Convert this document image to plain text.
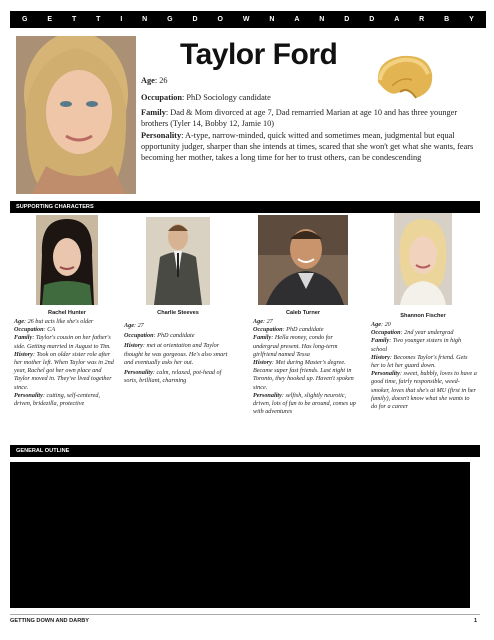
G	E	T	T	I	N	G	D	O	W	N	A	N	D	D	A	R	B	Y
Taylor Ford
Age: 26
Occupation: PhD Sociology candidate
Family: Dad & Mom divorced at age 7, Dad remarried Marian at age 10 and has three younger brothers (Tyler 14, Bobby 12, Jamie 10)
Personality: A-type, narrow-minded, quick witted and sometimes mean, judgmental but equal opportunity judger, sharper than she intends at times, scared that she won't get what she wants, fears becoming her mother, takes a long time for her to trust others, can be condescending
SUPPORTING CHARACTERS
Rachel Hunter

Age: 26 but acts like she's older

Occupation: CA

Family: Taylor's cousin on her father's side. Getting married in August to Tim.

History: Took on older sister role after her mother left. When Taylor was in 2nd year, Rachel got her own place and Taylor moved in. They've lived together since.

Personality: cutting, self-centered, driven, bridezilla, protective

Charlie Steeves

Age: 27

Occupation: PhD candidate

History: met at orientation and Taylor thought he was gorgeous. He's also smart and eventually asks her out.

Personality: calm, relaxed, pot-head of sorts, brilliant, charming

Caleb Turner

Age: 27

Occupation: PhD candidate

Family: Hella money, condo for undergrad present. Has long-term girlfriend named Tessa

History: Met during Master's degree. Became super fast friends. Last night in Toronto, they hooked up. Haven't spoken since.

Personality: selfish, slightly neurotic, driven, lots of fun to be around, comes up with adventures

Shannon Fischer

Age: 20

Occupation: 2nd year undergrad

Family: Two younger sisters in high school

History: Becomes Taylor's friend. Gets her to let her guard down.

Personality: sweet, bubbly, loves to have a good time, fairly responsible, weed-smoker, loves that she's at MU (first in her family), doesn't know what she wants to do for a career

GENERAL OUTLINE
GETTING DOWN AND DARBY	1
